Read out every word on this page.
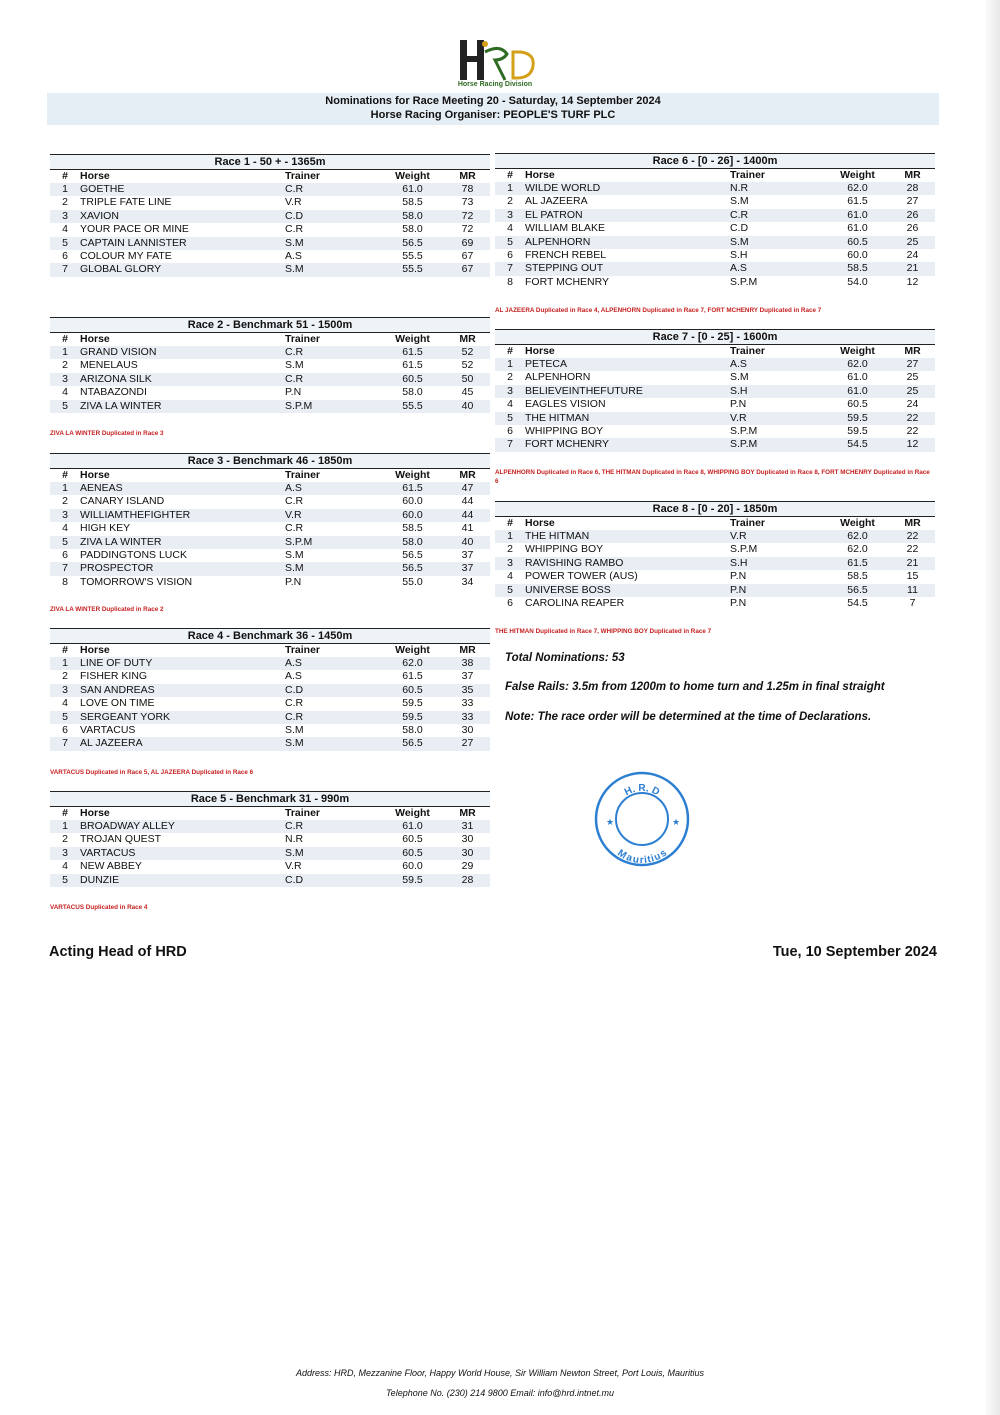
Horse Racing Division
Nominations for Race Meeting 20 - Saturday, 14 September 2024
Horse Racing Organiser: PEOPLE'S TURF PLC
Race 1 - 50 + - 1365m
#	Horse	Trainer	Weight	MR
1	GOETHE	C.R	61.0	78
2	TRIPLE FATE LINE	V.R	58.5	73
3	XAVION	C.D	58.0	72
4	YOUR PACE OR MINE	C.R	58.0	72
5	CAPTAIN LANNISTER	S.M	56.5	69
6	COLOUR MY FATE	A.S	55.5	67
7	GLOBAL GLORY	S.M	55.5	67
Race 2 - Benchmark 51 - 1500m
#	Horse	Trainer	Weight	MR
1	GRAND VISION	C.R	61.5	52
2	MENELAUS	S.M	61.5	52
3	ARIZONA SILK	C.R	60.5	50
4	NTABAZONDI	P.N	58.0	45
5	ZIVA LA WINTER	S.P.M	55.5	40
Race 3 - Benchmark 46 - 1850m
#	Horse	Trainer	Weight	MR
1	AENEAS	A.S	61.5	47
2	CANARY ISLAND	C.R	60.0	44
3	WILLIAMTHEFIGHTER	V.R	60.0	44
4	HIGH KEY	C.R	58.5	41
5	ZIVA LA WINTER	S.P.M	58.0	40
6	PADDINGTONS LUCK	S.M	56.5	37
7	PROSPECTOR	S.M	56.5	37
8	TOMORROW'S VISION	P.N	55.0	34
Race 4 - Benchmark 36 - 1450m
#	Horse	Trainer	Weight	MR
1	LINE OF DUTY	A.S	62.0	38
2	FISHER KING	A.S	61.5	37
3	SAN ANDREAS	C.D	60.5	35
4	LOVE ON TIME	C.R	59.5	33
5	SERGEANT YORK	C.R	59.5	33
6	VARTACUS	S.M	58.0	30
7	AL JAZEERA	S.M	56.5	27
Race 5 - Benchmark 31 - 990m
#	Horse	Trainer	Weight	MR
1	BROADWAY ALLEY	C.R	61.0	31
2	TROJAN QUEST	N.R	60.5	30
3	VARTACUS	S.M	60.5	30
4	NEW ABBEY	V.R	60.0	29
5	DUNZIE	C.D	59.5	28
Race 6 - [0 - 26] - 1400m
#	Horse	Trainer	Weight	MR
1	WILDE WORLD	N.R	62.0	28
2	AL JAZEERA	S.M	61.5	27
3	EL PATRON	C.R	61.0	26
4	WILLIAM BLAKE	C.D	61.0	26
5	ALPENHORN	S.M	60.5	25
6	FRENCH REBEL	S.H	60.0	24
7	STEPPING OUT	A.S	58.5	21
8	FORT MCHENRY	S.P.M	54.0	12
Race 7 - [0 - 25] - 1600m
#	Horse	Trainer	Weight	MR
1	PETECA	A.S	62.0	27
2	ALPENHORN	S.M	61.0	25
3	BELIEVEINTHEFUTURE	S.H	61.0	25
4	EAGLES VISION	P.N	60.5	24
5	THE HITMAN	V.R	59.5	22
6	WHIPPING BOY	S.P.M	59.5	22
7	FORT MCHENRY	S.P.M	54.5	12
Race 8 - [0 - 20] - 1850m
#	Horse	Trainer	Weight	MR
1	THE HITMAN	V.R	62.0	22
2	WHIPPING BOY	S.P.M	62.0	22
3	RAVISHING RAMBO	S.H	61.5	21
4	POWER TOWER (AUS)	P.N	58.5	15
5	UNIVERSE BOSS	P.N	56.5	11
6	CAROLINA REAPER	P.N	54.5	7
ZIVA LA WINTER Duplicated in Race 3
ZIVA LA WINTER Duplicated in Race 2
VARTACUS Duplicated in Race 5, AL JAZEERA Duplicated in Race 6
VARTACUS Duplicated in Race 4
AL JAZEERA Duplicated in Race 4, ALPENHORN Duplicated in Race 7, FORT MCHENRY Duplicated in Race 7
ALPENHORN Duplicated in Race 6, THE HITMAN Duplicated in Race 8, WHIPPING BOY Duplicated in Race 8, FORT MCHENRY Duplicated in Race 6
THE HITMAN Duplicated in Race 7, WHIPPING BOY Duplicated in Race 7
Total Nominations: 53
False Rails: 3.5m from 1200m to home turn and 1.25m in final straight
Note: The race order will be determined at the time of Declarations.
H. R. D
Mauritius
★	★
Acting Head of HRD	Tue, 10 September 2024
Address: HRD, Mezzanine Floor, Happy World House, Sir William Newton Street, Port Louis, Mauritius
Telephone No. (230) 214 9800 Email: info@hrd.intnet.mu
